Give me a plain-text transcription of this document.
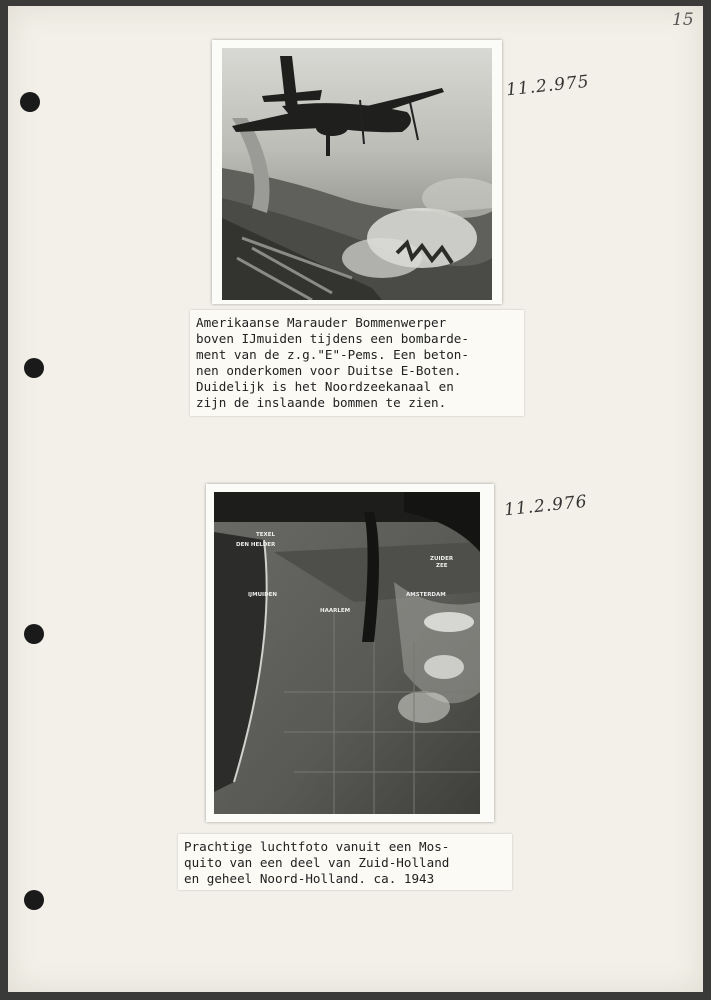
15
11.2.975
Amerikaanse Marauder Bommenwerper
boven IJmuiden tijdens een bombarde-
ment van de z.g."E"-Pems. Een beton-
nen onderkomen voor Duitse E-Boten.
Duidelijk is het Noordzeekanaal en
zijn de inslaande bommen te zien.
11.2.976
TEXEL
DEN HELDER
IJMUIDEN
HAARLEM
AMSTERDAM
ZUIDER
ZEE
Prachtige luchtfoto vanuit een Mos-
quito van een deel van Zuid-Holland
en geheel Noord-Holland. ca. 1943
